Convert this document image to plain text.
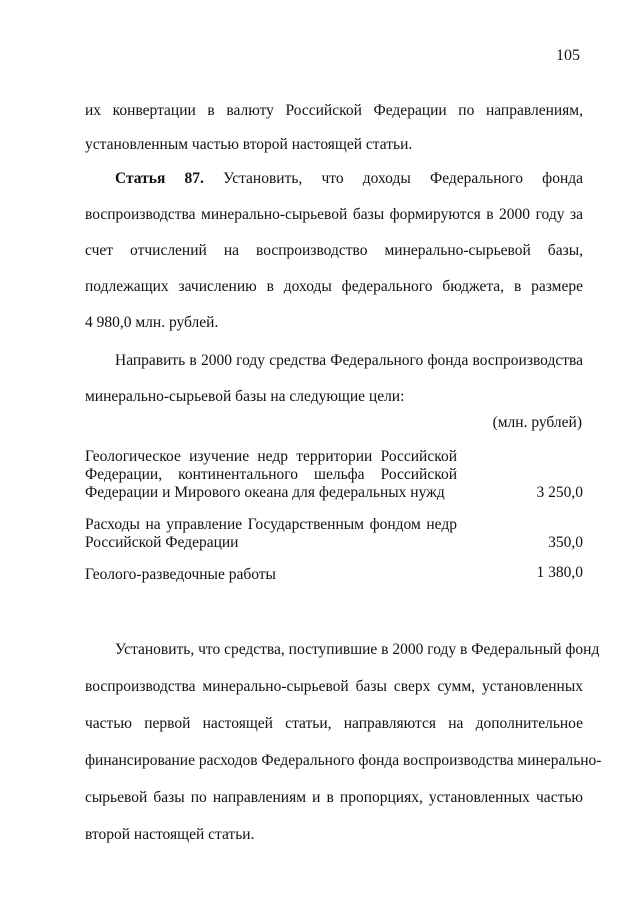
105
их конвертации в валюту Российской Федерации по направлениям,
установленным частью второй настоящей статьи.
Статья 87. Установить, что доходы Федерального фонда
воспроизводства минерально-сырьевой базы формируются в 2000 году за
счет отчислений на воспроизводство минерально-сырьевой базы,
подлежащих зачислению в доходы федерального бюджета, в размере
4 980,0 млн. рублей.
Направить в 2000 году средства Федерального фонда воспроизводства
минерально-сырьевой базы на следующие цели:
(млн. рублей)
Геологическое изучение недр территории Российской
Федерации, континентального шельфа Российской
Федерации и Мирового океана для федеральных нужд	3 250,0
Расходы на управление Государственным фондом недр
Российской Федерации	350,0
Геолого-разведочные работы	1 380,0
Установить, что средства, поступившие в 2000 году в Федеральный фонд
воспроизводства минерально-сырьевой базы сверх сумм, установленных
частью первой настоящей статьи, направляются на дополнительное
финансирование расходов Федерального фонда воспроизводства минерально-
сырьевой базы по направлениям и в пропорциях, установленных частью
второй настоящей статьи.
